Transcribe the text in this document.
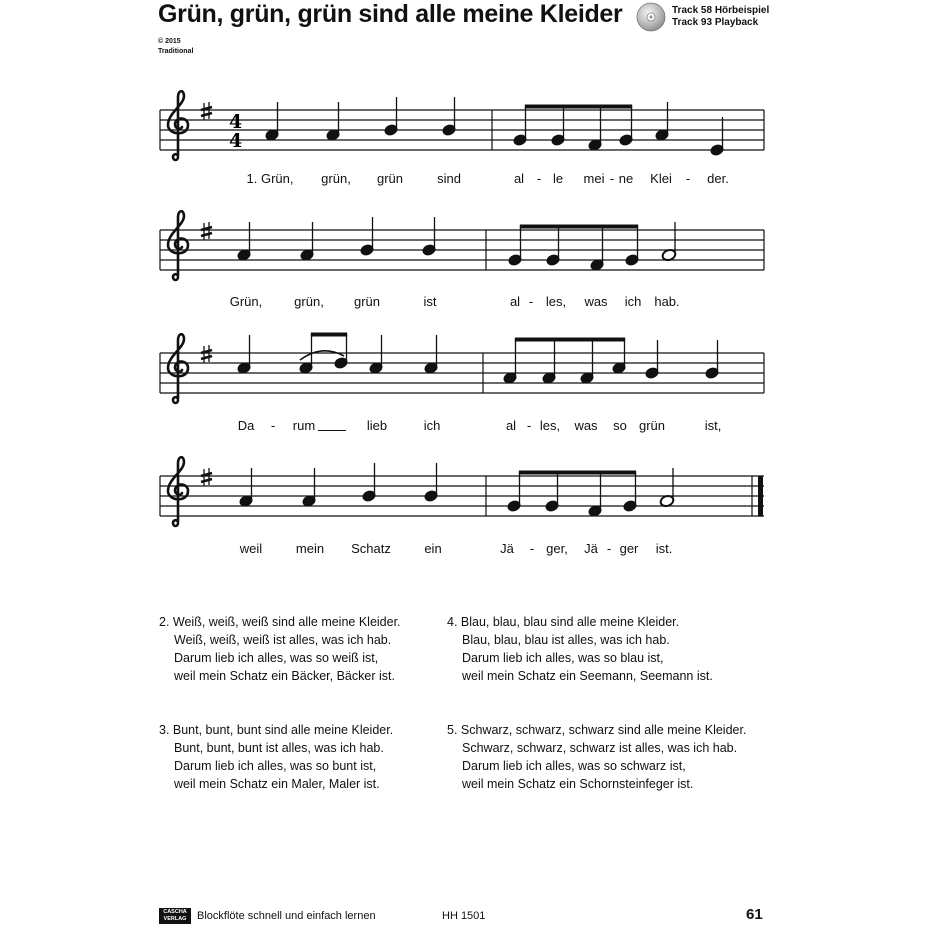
Grün, grün, grün sind alle meine Kleider	Track 58 Hörbeispiel
Track 93 Playback
© 2015
Traditional
4
4
1. Grün, grün, grün	sind	al - le mei - ne Klei - der.
Grün, grün, grün	ist	al - les, was ich hab.
Da - rum	lieb	ich	al - les, was so grün	ist,
weil	mein Schatz	ein	Jä - ger, Jä - ger ist.
2. Weiß, weiß, weiß sind alle meine Kleider.
Weiß, weiß, weiß ist alles, was ich hab.
Darum lieb ich alles, was so weiß ist,
weil mein Schatz ein Bäcker, Bäcker ist.
4. Blau, blau, blau sind alle meine Kleider.
Blau, blau, blau ist alles, was ich hab.
Darum lieb ich alles, was so blau ist,
weil mein Schatz ein Seemann, Seemann ist.
3. Bunt, bunt, bunt sind alle meine Kleider.
Bunt, bunt, bunt ist alles, was ich hab.
Darum lieb ich alles, was so bunt ist,
weil mein Schatz ein Maler, Maler ist.
5. Schwarz, schwarz, schwarz sind alle meine Kleider.
Schwarz, schwarz, schwarz ist alles, was ich hab.
Darum lieb ich alles, was so schwarz ist,
weil mein Schatz ein Schornsteinfeger ist.
CASCHA
VERLAG Blockflöte schnell und einfach lernen	HH 1501	61
